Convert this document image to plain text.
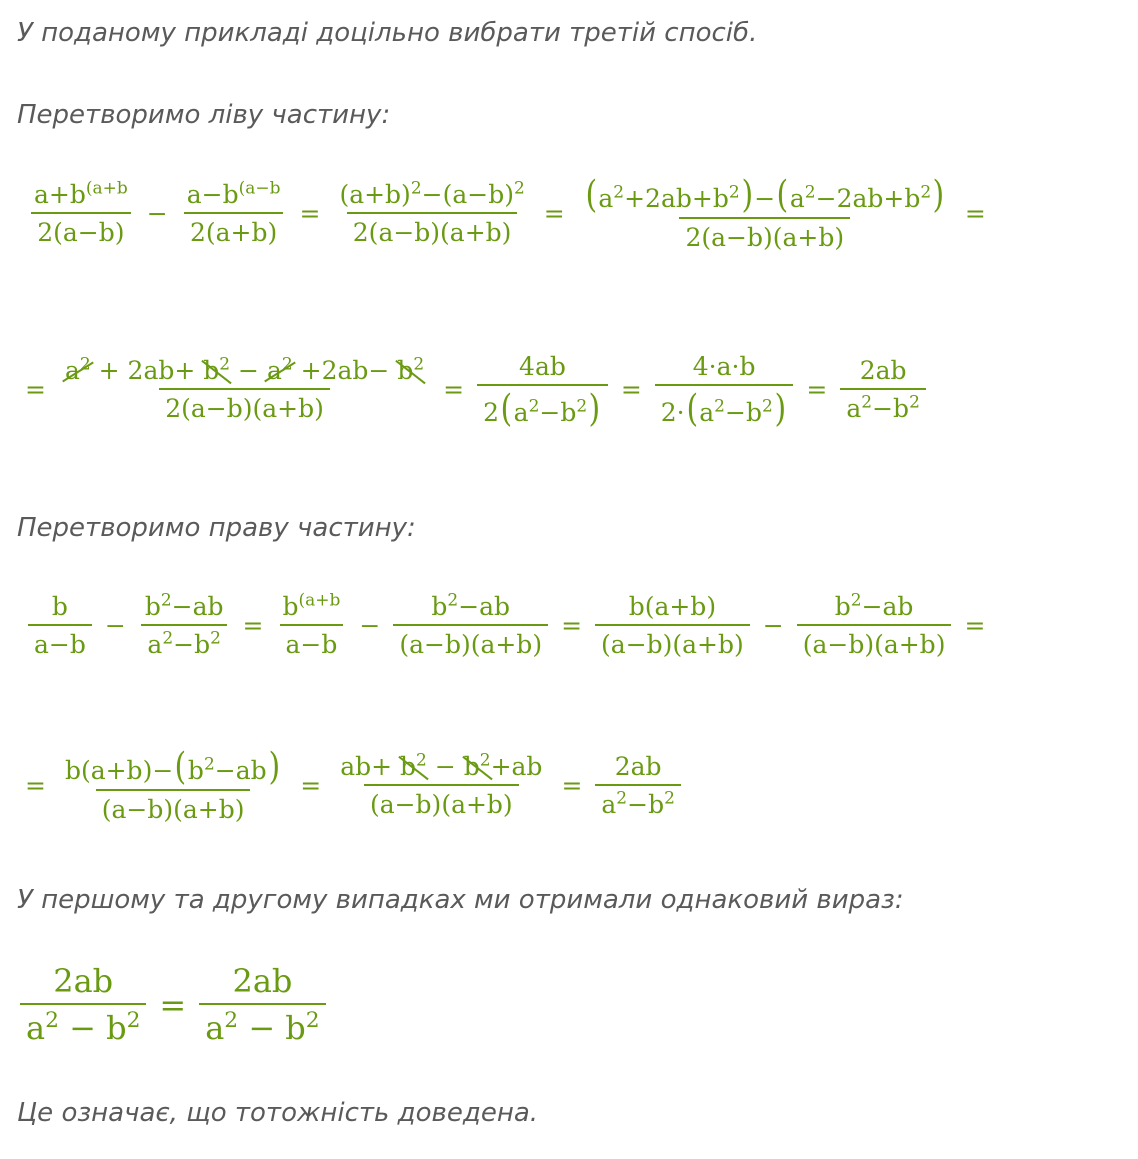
У поданому прикладі доцільно вибрати третій спосіб.

Перетворимо ліву частину:

$\frac{a+b^{(a+b}}{2(a-b)} - \frac{a-b^{(a-b}}{2(a+b)} = \frac{(a+b)^2-(a-b)^2}{2(a-b)(a+b)} = \frac{(a^2+2ab+b^2)-(a^2-2ab+b^2)}{2(a-b)(a+b)}$ =
= $\frac{a^2 + 2ab+ b^2 - a^2 +2ab- b^2}{2(a-b)(a+b)} = \frac{4ab}{2(a^2-b^2)} = \frac{4\cdot a\cdot b}{2\cdot(a^2-b^2)} = \frac{2ab}{a^2-b^2}$

Перетворимо праву частину:

$\frac{b}{a-b} - \frac{b^2-ab}{a^2-b^2} = \frac{b^{(a+b}}{a-b} - \frac{b^2-ab}{(a-b)(a+b)} = \frac{b(a+b)}{(a-b)(a+b)} - \frac{b^2-ab}{(a-b)(a+b)}$ =
= $\frac{b(a+b)-(b^2-ab)}{(a-b)(a+b)} = \frac{ab+ b^2 - b^2+ab}{(a-b)(a+b)} = \frac{2ab}{a^2-b^2}$

У першому та другому випадках ми отримали однаковий вираз:

$\frac{2ab}{a^2 - b^2} = \frac{2ab}{a^2 - b^2}$

Це означає, що тотожність доведена.
